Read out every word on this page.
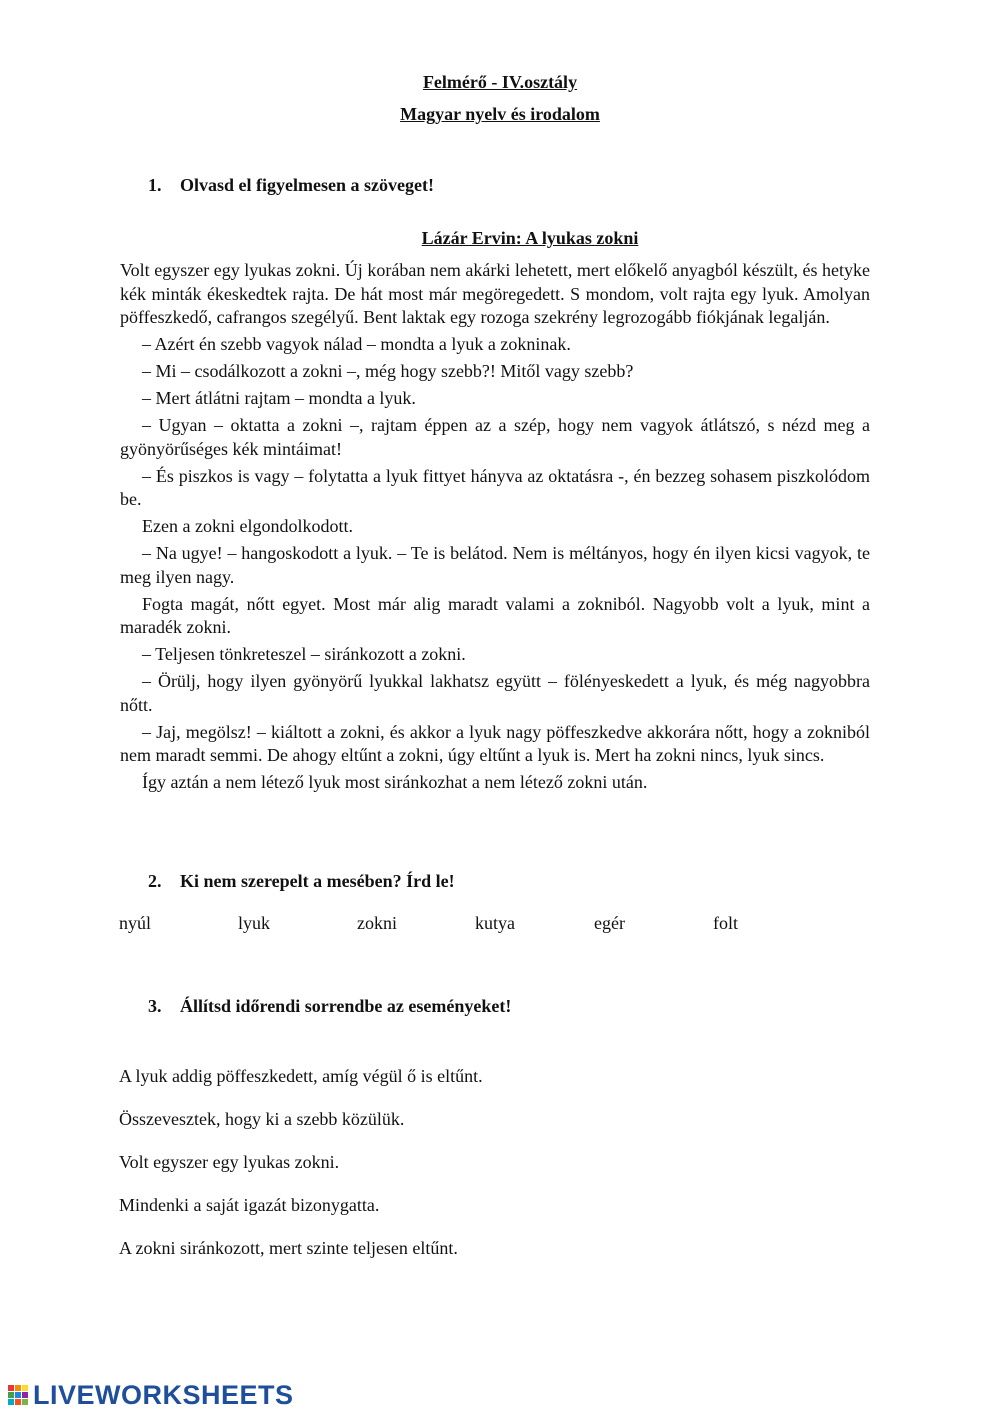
Felmérő - IV.osztály
Magyar nyelv és irodalom
1. Olvasd el figyelmesen a szöveget!
Lázár Ervin: A lyukas zokni

Volt egyszer egy lyukas zokni. Új korában nem akárki lehetett, mert előkelő anyagból készült, és hetyke kék minták ékeskedtek rajta. De hát most már megöregedett. S mondom, volt rajta egy lyuk. Amolyan pöffeszkedő, cafrangos szegélyű. Bent laktak egy rozoga szekrény legrozogább fiókjának legalján.

– Azért én szebb vagyok nálad – mondta a lyuk a zokninak.

– Mi – csodálkozott a zokni –, még hogy szebb?! Mitől vagy szebb?

– Mert átlátni rajtam – mondta a lyuk.

– Ugyan – oktatta a zokni –, rajtam éppen az a szép, hogy nem vagyok átlátszó, s nézd meg a gyönyörűséges kék mintáimat!

– És piszkos is vagy – folytatta a lyuk fittyet hányva az oktatásra -, én bezzeg sohasem piszkolódom be.

Ezen a zokni elgondolkodott.

– Na ugye! – hangoskodott a lyuk. – Te is belátod. Nem is méltányos, hogy én ilyen kicsi vagyok, te meg ilyen nagy.

Fogta magát, nőtt egyet. Most már alig maradt valami a zokniból. Nagyobb volt a lyuk, mint a maradék zokni.

– Teljesen tönkreteszel – siránkozott a zokni.

– Örülj, hogy ilyen gyönyörű lyukkal lakhatsz együtt – fölényeskedett a lyuk, és még nagyobbra nőtt.

– Jaj, megölsz! – kiáltott a zokni, és akkor a lyuk nagy pöffeszkedve akkorára nőtt, hogy a zokniból nem maradt semmi. De ahogy eltűnt a zokni, úgy eltűnt a lyuk is. Mert ha zokni nincs, lyuk sincs.

Így aztán a nem létező lyuk most siránkozhat a nem létező zokni után.

2. Ki nem szerepelt a mesében? Írd le!
nyúl	lyuk	zokni	kutya	egér	folt
3. Állítsd időrendi sorrendbe az eseményeket!
A lyuk addig pöffeszkedett, amíg végül ő is eltűnt.
Összevesztek, hogy ki a szebb közülük.
Volt egyszer egy lyukas zokni.
Mindenki a saját igazát bizonygatta.
A zokni siránkozott, mert szinte teljesen eltűnt.
LIVEWORKSHEETS
